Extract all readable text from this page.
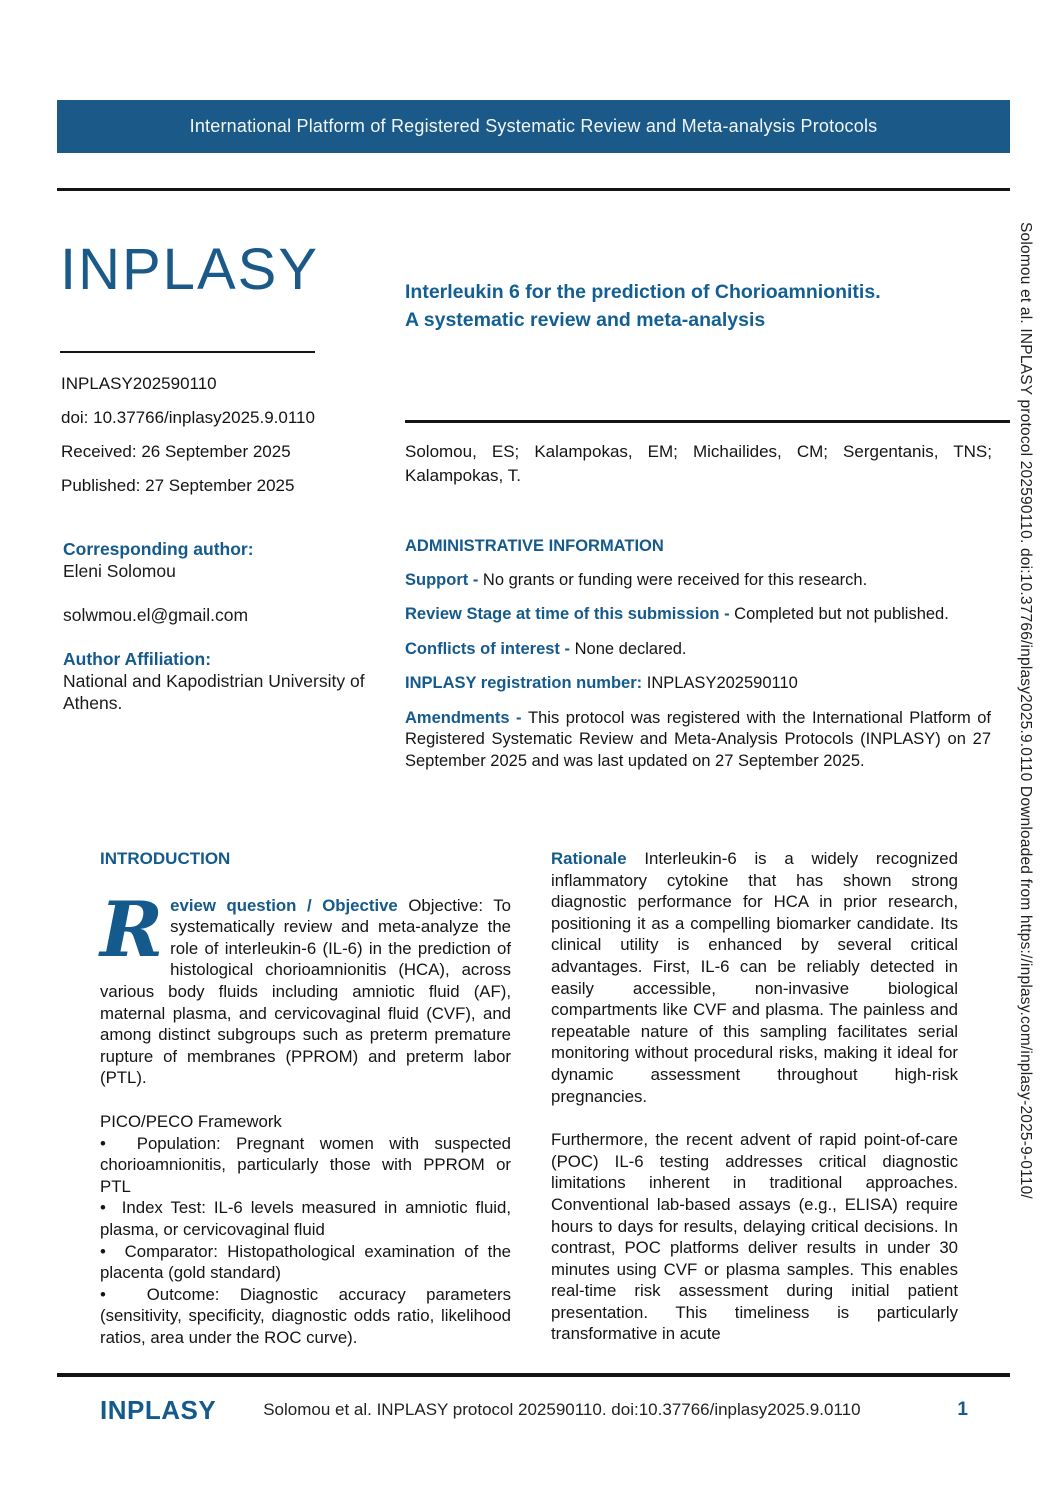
International Platform of Registered Systematic Review and Meta-analysis Protocols
INPLASY
INPLASY202590110
doi: 10.37766/inplasy2025.9.0110
Received: 26 September 2025
Published: 27 September 2025
Interleukin 6 for the prediction of Chorioamnionitis.
A systematic review and meta-analysis
Solomou, ES; Kalampokas, EM; Michailides, CM; Sergentanis, TNS; Kalampokas, T.
Corresponding author:
Eleni Solomou
solwmou.el@gmail.com
Author Affiliation:
National and Kapodistrian University of Athens.
ADMINISTRATIVE INFORMATION

Support - No grants or funding were received for this research.

Review Stage at time of this submission - Completed but not published.

Conflicts of interest - None declared.

INPLASY registration number: INPLASY202590110

Amendments - This protocol was registered with the International Platform of Registered Systematic Review and Meta-Analysis Protocols (INPLASY) on 27 September 2025 and was last updated on 27 September 2025.

INTRODUCTION

R eview question / Objective Objective: To systematically review and meta-analyze the role of interleukin-6 (IL-6) in the prediction of histological chorioamnionitis (HCA), across various body fluids including amniotic fluid (AF), maternal plasma, and cervicovaginal fluid (CVF), and among distinct subgroups such as preterm premature rupture of membranes (PPROM) and preterm labor (PTL).

PICO/PECO Framework

•  Population: Pregnant women with suspected chorioamnionitis, particularly those with PPROM or PTL

•  Index Test: IL-6 levels measured in amniotic fluid, plasma, or cervicovaginal fluid

•  Comparator: Histopathological examination of the placenta (gold standard)

•  Outcome: Diagnostic accuracy parameters (sensitivity, specificity, diagnostic odds ratio, likelihood ratios, area under the ROC curve).

Rationale Interleukin-6 is a widely recognized inflammatory cytokine that has shown strong diagnostic performance for HCA in prior research, positioning it as a compelling biomarker candidate. Its clinical utility is enhanced by several critical advantages. First, IL-6 can be reliably detected in easily accessible, non-invasive biological compartments like CVF and plasma. The painless and repeatable nature of this sampling facilitates serial monitoring without procedural risks, making it ideal for dynamic assessment throughout high-risk pregnancies.

Furthermore, the recent advent of rapid point-of-care (POC) IL-6 testing addresses critical diagnostic limitations inherent in traditional approaches. Conventional lab-based assays (e.g., ELISA) require hours to days for results, delaying critical decisions. In contrast, POC platforms deliver results in under 30 minutes using CVF or plasma samples. This enables real-time risk assessment during initial patient presentation. This timeliness is particularly transformative in acute

INPLASY	Solomou et al. INPLASY protocol 202590110. doi:10.37766/inplasy2025.9.0110	1
Solomou et al. INPLASY protocol 202590110. doi:10.37766/inplasy2025.9.0110 Downloaded from https://inplasy.com/inplasy-2025-9-0110/
